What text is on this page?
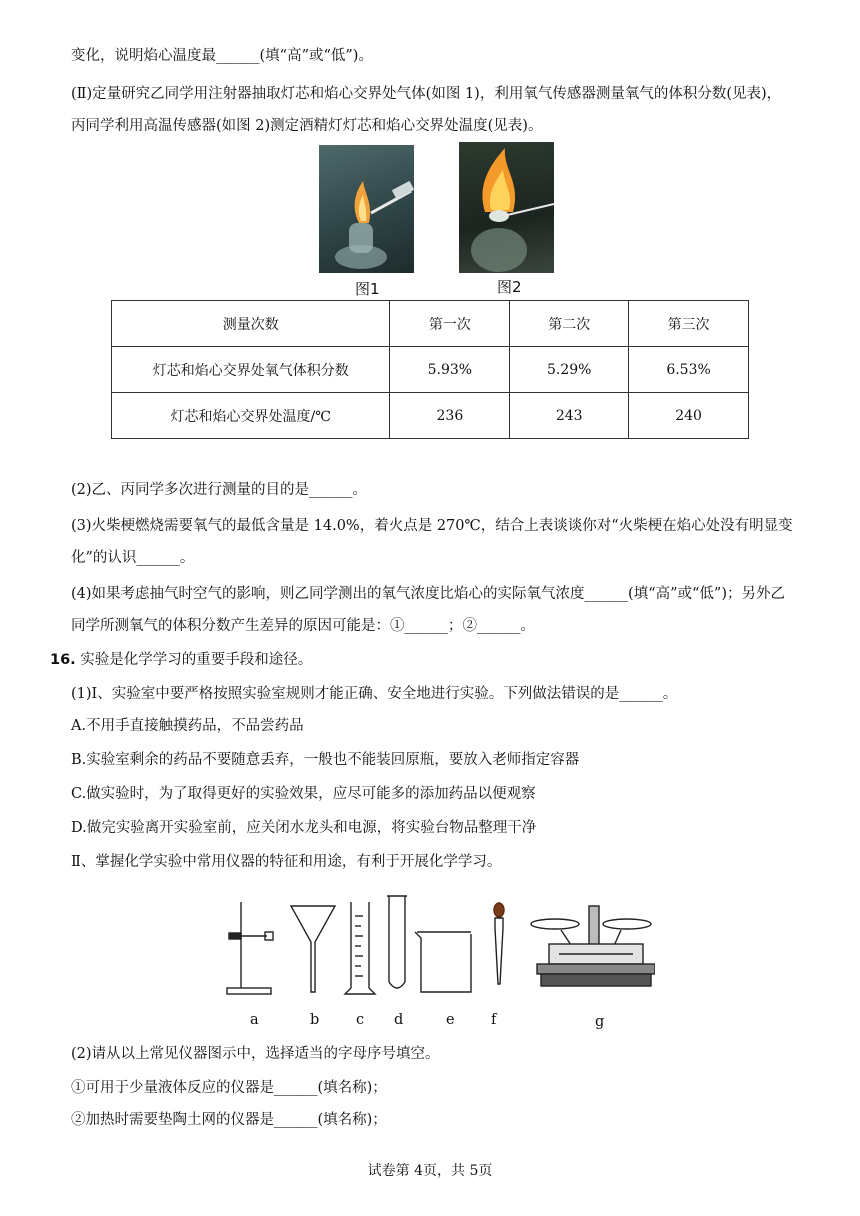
变化，说明焰心温度最______(填“高”或“低”)。
(Ⅱ)定量研究乙同学用注射器抽取灯芯和焰心交界处气体(如图 1)，利用氧气传感器测量氧气的体积分数(见表)，
丙同学利用高温传感器(如图 2)测定酒精灯灯芯和焰心交界处温度(见表)。
图1	图2
测量次数	第一次	第二次	第三次
灯芯和焰心交界处氧气体积分数	5.93%	5.29%	6.53%
灯芯和焰心交界处温度/℃	236	243	240
(2)乙、丙同学多次进行测量的目的是______。
(3)火柴梗燃烧需要氧气的最低含量是 14.0%，着火点是 270℃，结合上表谈谈你对“火柴梗在焰心处没有明显变
化”的认识______。
(4)如果考虑抽气时空气的影响，则乙同学测出的氧气浓度比焰心的实际氧气浓度______(填“高”或“低”)；另外乙
同学所测氧气的体积分数产生差异的原因可能是：①______；②______。
16. 实验是化学学习的重要手段和途径。
(1)I、实验室中要严格按照实验室规则才能正确、安全地进行实验。下列做法错误的是______。
A.不用手直接触摸药品，不品尝药品
B.实验室剩余的药品不要随意丢弃，一般也不能装回原瓶，要放入老师指定容器
C.做实验时，为了取得更好的实验效果，应尽可能多的添加药品以便观察
D.做完实验离开实验室前，应关闭水龙头和电源，将实验台物品整理干净
Ⅱ、掌握化学实验中常用仪器的特征和用途，有利于开展化学学习。
a	b	c d	e	f	g
(2)请从以上常见仪器图示中，选择适当的字母序号填空。
①可用于少量液体反应的仪器是______(填名称)；
②加热时需要垫陶土网的仪器是______(填名称)；
试卷第 4页，共 5页
